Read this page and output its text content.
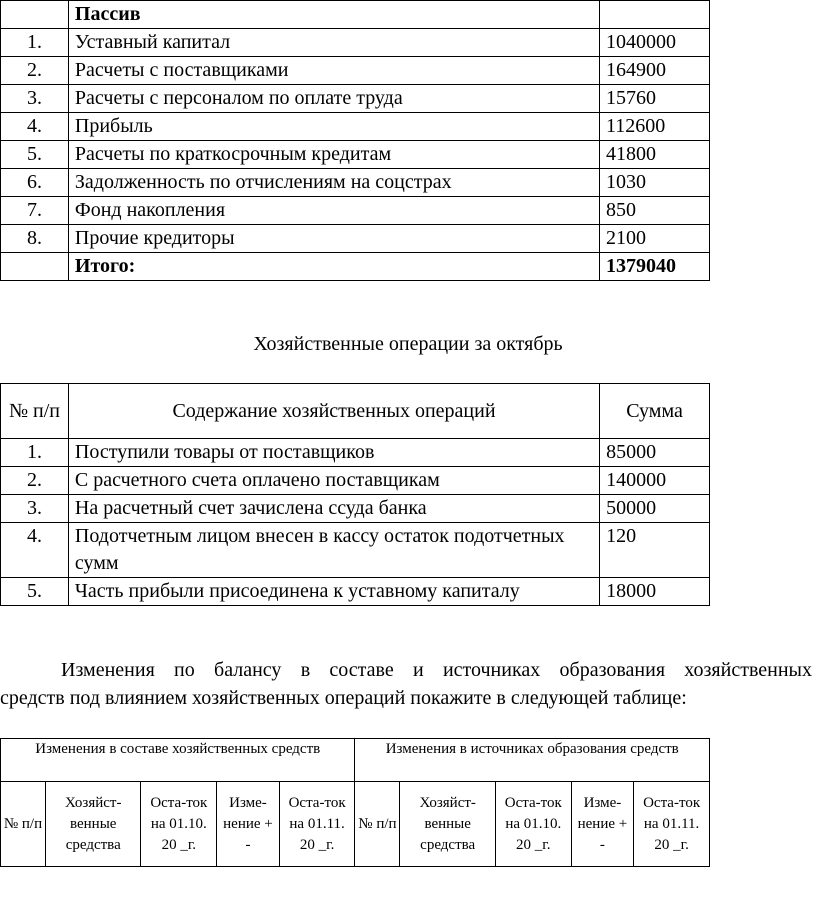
	Пассив	
1.	Уставный капитал	1040000
2.	Расчеты с поставщиками	164900
3.	Расчеты с персоналом по оплате труда	15760
4.	Прибыль	112600
5.	Расчеты по краткосрочным кредитам	41800
6.	Задолженность по отчислениям на соцстрах	1030
7.	Фонд накопления	850
8.	Прочие кредиторы	2100
	Итого:	1379040
Хозяйственные операции за октябрь
№ п/п	Содержание хозяйственных операций	Сумма
1.	Поступили товары от поставщиков	85000
2.	С расчетного счета оплачено поставщикам	140000
3.	На расчетный счет зачислена ссуда банка	50000
4.	Подотчетным лицом внесен в кассу остаток подотчетных сумм	120
5.	Часть прибыли присоединена к уставному капиталу	18000
Изменения по балансу в составе и источниках образования хозяйственных
средств под влиянием хозяйственных операций покажите в следующей таблице:
Изменения в составе хозяйственных средств					Изменения в источниках образования средств				
№ п/п	Хозяйст-венные средства	Оста-ток на 01.10. 20 _г.	Изме-нение + -	Оста-ток на 01.11. 20 _г.	№ п/п	Хозяйст-венные средства	Оста-ток на 01.10. 20 _г.	Изме-нение + -	Оста-ток на 01.11. 20 _г.
